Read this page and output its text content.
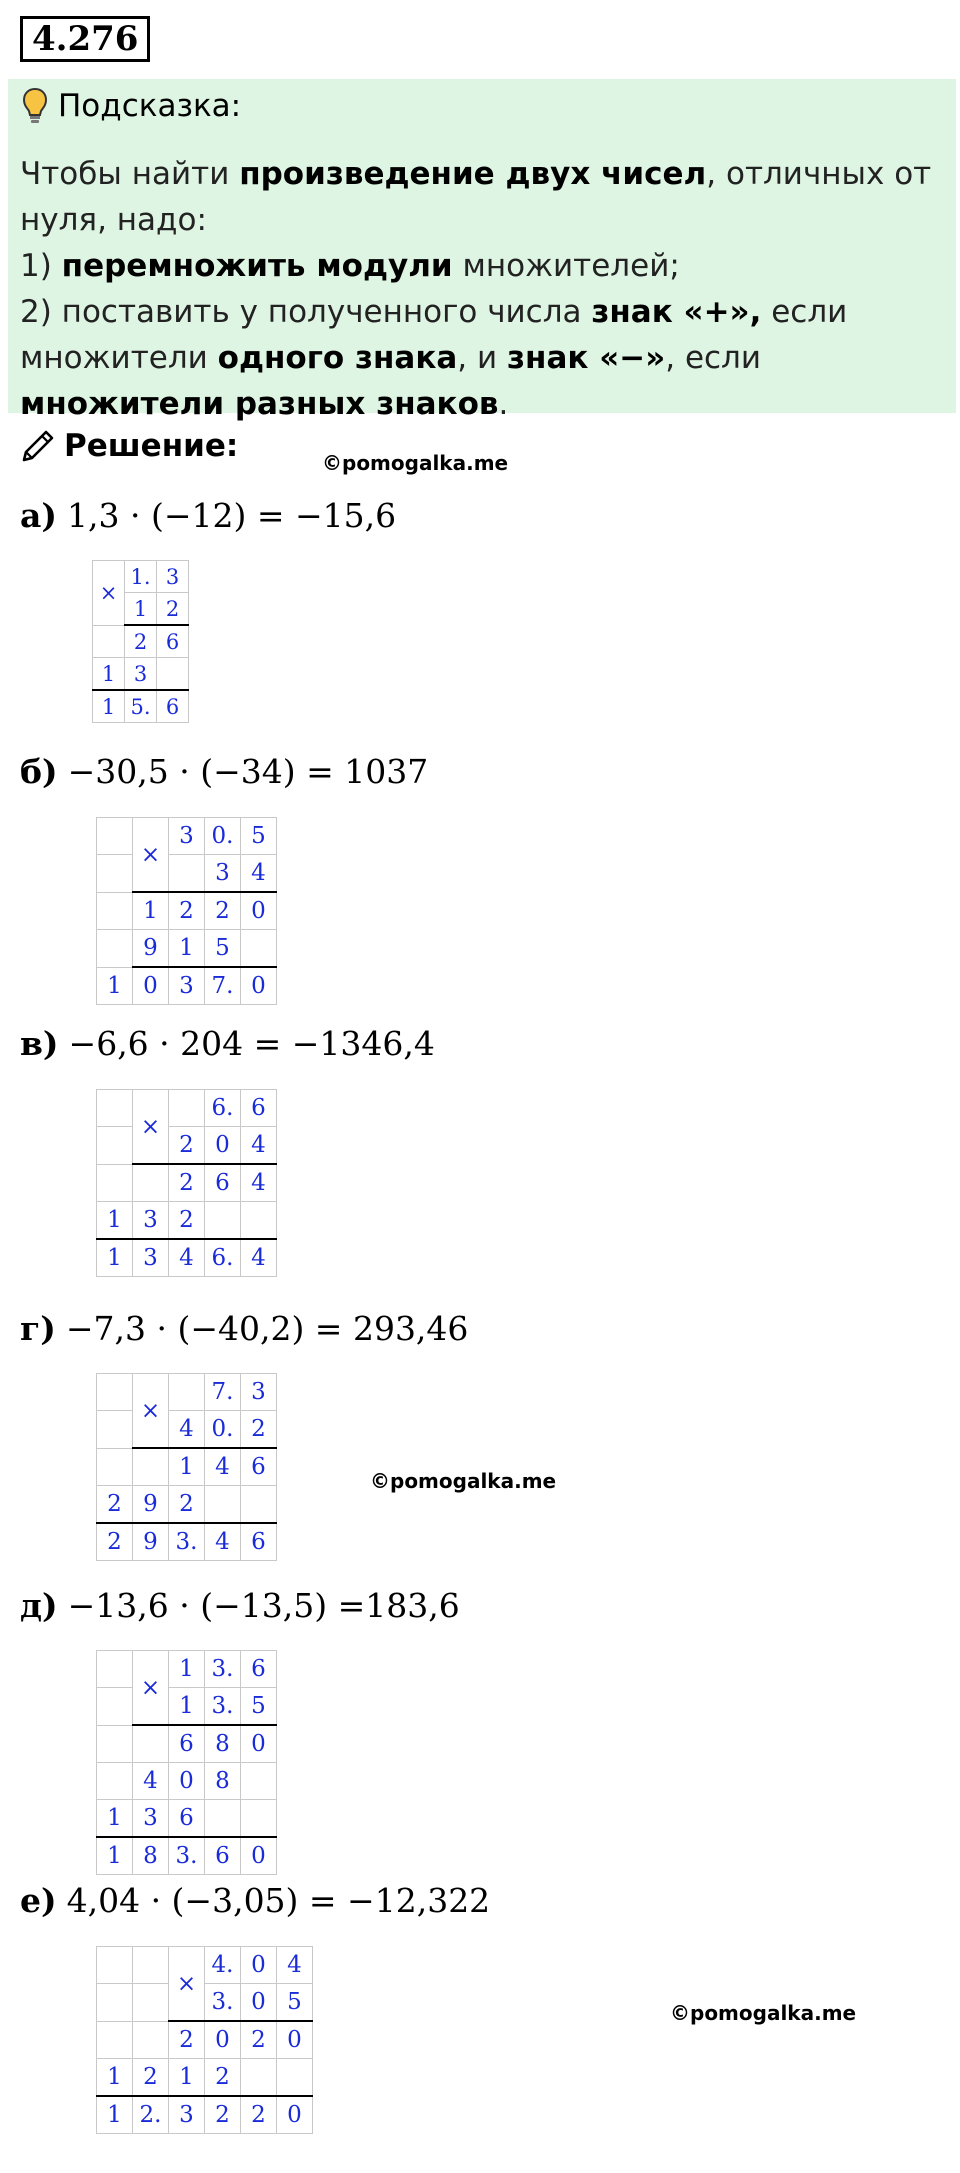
4.276
Подсказка:
Чтобы найти произведение двух чисел, отличных от нуля, надо:
1) перемножить модули множителей;
2) поставить у полученного числа знак «+», если множители одного знака, и знак «−», если множители разных знаков.
Решение:	©pomogalka.me
©pomogalka.me
©pomogalka.me
а) 1,3 · (−12) = −15,6
×	1.	3
	1	2
	2	6
1	3	
1	5.	6
б) −30,5 · (−34) = 1037
	×	3	0.	5
			3	4
	1	2	2	0
	9	1	5	
1	0	3	7.	0
в) −6,6 · 204 = −1346,4
	×		6.	6
		2	0	4
		2	6	4
1	3	2		
1	3	4	6.	4
г) −7,3 · (−40,2) = 293,46
	×		7.	3
		4	0.	2
		1	4	6
2	9	2		
2	9	3.	4	6
д) −13,6 · (−13,5) =183,6
	×	1	3.	6
		1	3.	5
		6	8	0
	4	0	8	
1	3	6		
1	8	3.	6	0
е) 4,04 · (−3,05) = −12,322
		×	4.	0	4
			3.	0	5
		2	0	2	0
1	2	1	2		
1	2.	3	2	2	0
